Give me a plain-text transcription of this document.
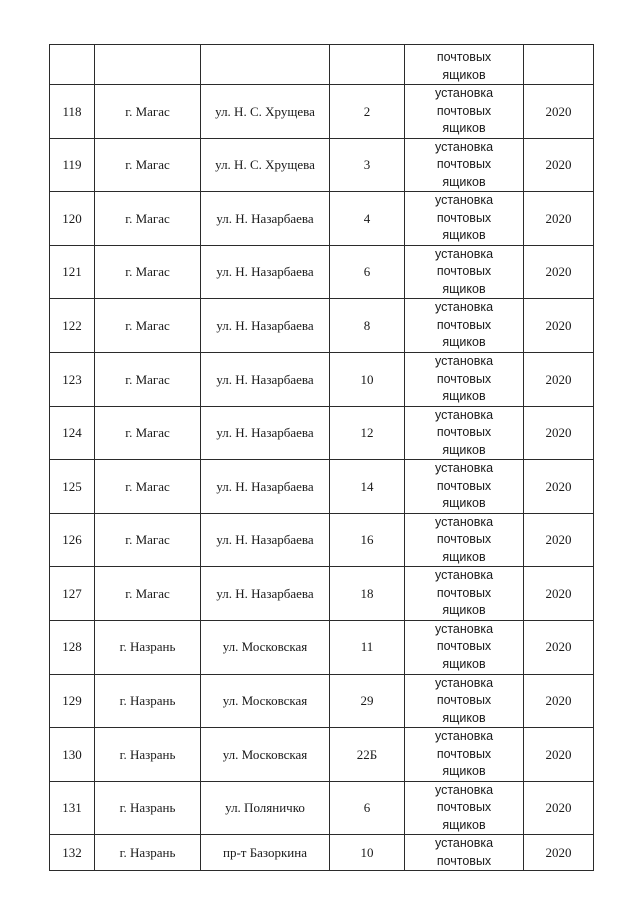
				почтовых
ящиков	

118	г. Магас	ул. Н. С. Хрущева	2	установка
почтовых
ящиков	2020
119	г. Магас	ул. Н. С. Хрущева	3	установка
почтовых
ящиков	2020
120	г. Магас	ул. Н. Назарбаева	4	установка
почтовых
ящиков	2020
121	г. Магас	ул. Н. Назарбаева	6	установка
почтовых
ящиков	2020
122	г. Магас	ул. Н. Назарбаева	8	установка
почтовых
ящиков	2020
123	г. Магас	ул. Н. Назарбаева	10	установка
почтовых
ящиков	2020
124	г. Магас	ул. Н. Назарбаева	12	установка
почтовых
ящиков	2020
125	г. Магас	ул. Н. Назарбаева	14	установка
почтовых
ящиков	2020
126	г. Магас	ул. Н. Назарбаева	16	установка
почтовых
ящиков	2020
127	г. Магас	ул. Н. Назарбаева	18	установка
почтовых
ящиков	2020
128	г. Назрань	ул. Московская	11	установка
почтовых
ящиков	2020
129	г. Назрань	ул. Московская	29	установка
почтовых
ящиков	2020
130	г. Назрань	ул. Московская	22Б	установка
почтовых
ящиков	2020
131	г. Назрань	ул. Поляничко	6	установка
почтовых
ящиков	2020
132	г. Назрань	пр-т Базоркина	10	установка
почтовых	2020
